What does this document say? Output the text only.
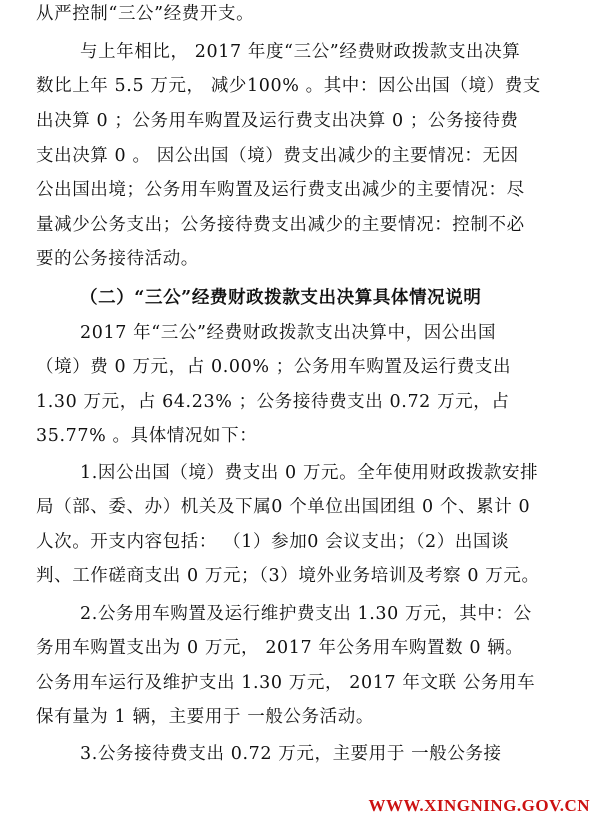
从严控制“三公”经费开支。
与上年相比， 2017 年度“三公”经费财政拨款支出决算
数比上年 5.5 万元， 减少100% 。其中：因公出国（境）费支
出决算 0 ；公务用车购置及运行费支出决算 0 ；公务接待费
支出决算 0 。 因公出国（境）费支出减少的主要情况：无因
公出国出境；公务用车购置及运行费支出减少的主要情况：尽
量减少公务支出；公务接待费支出减少的主要情况：控制不必
要的公务接待活动。
（二）“三公”经费财政拨款支出决算具体情况说明
2017 年“三公”经费财政拨款支出决算中，因公出国
（境）费 0 万元，占 0.00% ；公务用车购置及运行费支出
1.30 万元，占 64.23% ；公务接待费支出 0.72 万元，占
35.77% 。具体情况如下：
1.因公出国（境）费支出 0 万元。全年使用财政拨款安排
局（部、委、办）机关及下属0 个单位出国团组 0 个、累计 0
人次。开支内容包括： （1）参加0 会议支出；（2）出国谈
判、工作磋商支出 0 万元；（3）境外业务培训及考察 0 万元。
2.公务用车购置及运行维护费支出 1.30 万元，其中：公
务用车购置支出为 0 万元， 2017 年公务用车购置数 0 辆。
公务用车运行及维护支出 1.30 万元， 2017 年文联 公务用车
保有量为 1 辆，主要用于 一般公务活动。
3.公务接待费支出 0.72 万元，主要用于 一般公务接
WWW.XINGNING.GOV.CN
